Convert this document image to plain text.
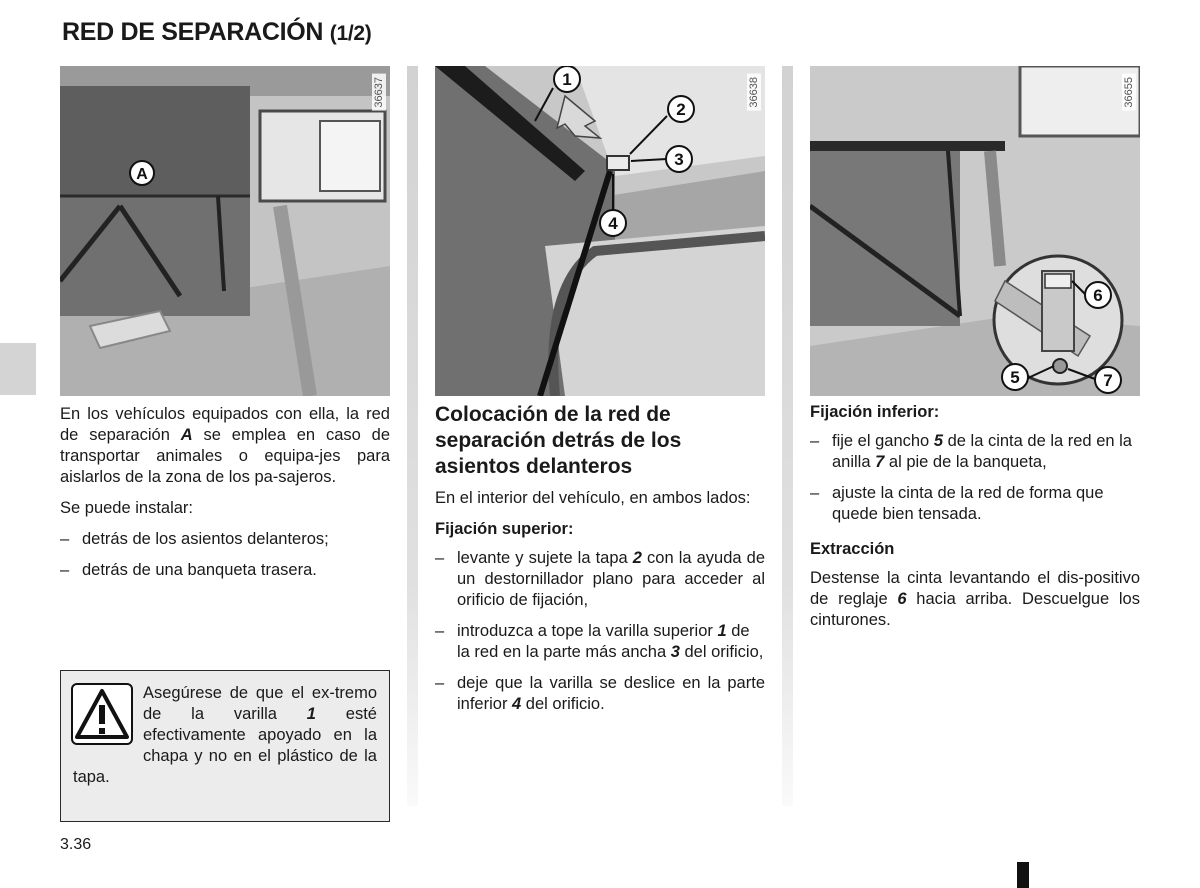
RED DE SEPARACIÓN (1/2)
A
36637	1
2
3
4
36638
6
5	7
36655

En los vehículos equipados con ella, la red de separación A se emplea en caso de transportar animales o equipa-jes para aislarlos de la zona de los pa-sajeros.

Se puede instalar:

– detrás de los asientos delanteros;
– detrás de una banqueta trasera.
Asegúrese de que el ex-tremo de la varilla 1 esté efectivamente apoyado en la chapa y no en el plástico de la tapa.
Colocación de la red de separación detrás de los asientos delanteros

En el interior del vehículo, en ambos lados:

Fijación superior:
– levante y sujete la tapa 2 con la ayuda de un destornillador plano para acceder al orificio de fijación,
– introduzca a tope la varilla superior 1 de la red en la parte más ancha 3 del orificio,
– deje que la varilla se deslice en la parte inferior 4 del orificio.
Fijación inferior:
– fije el gancho 5 de la cinta de la red en la anilla 7 al pie de la banqueta,
– ajuste la cinta de la red de forma que quede bien tensada.
Extracción

Destense la cinta levantando el dis-positivo de reglaje 6 hacia arriba. Descuelgue los cinturones.

3.36
